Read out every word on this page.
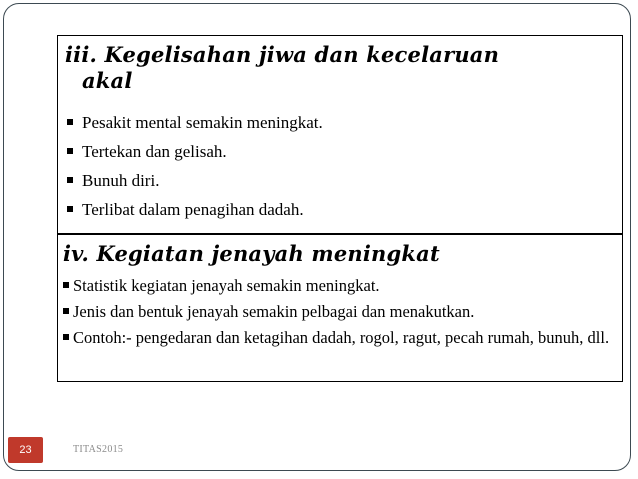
iii. Kegelisahan jiwa dan kecelaruan
akal
Pesakit mental semakin meningkat.
Tertekan dan gelisah.
Bunuh diri.
Terlibat dalam penagihan dadah.
iv. Kegiatan jenayah meningkat
Statistik kegiatan jenayah semakin meningkat.
Jenis dan bentuk jenayah semakin pelbagai dan menakutkan.
Contoh:- pengedaran dan ketagihan dadah, rogol, ragut, pecah rumah, bunuh, dll.
23	TITAS2015
